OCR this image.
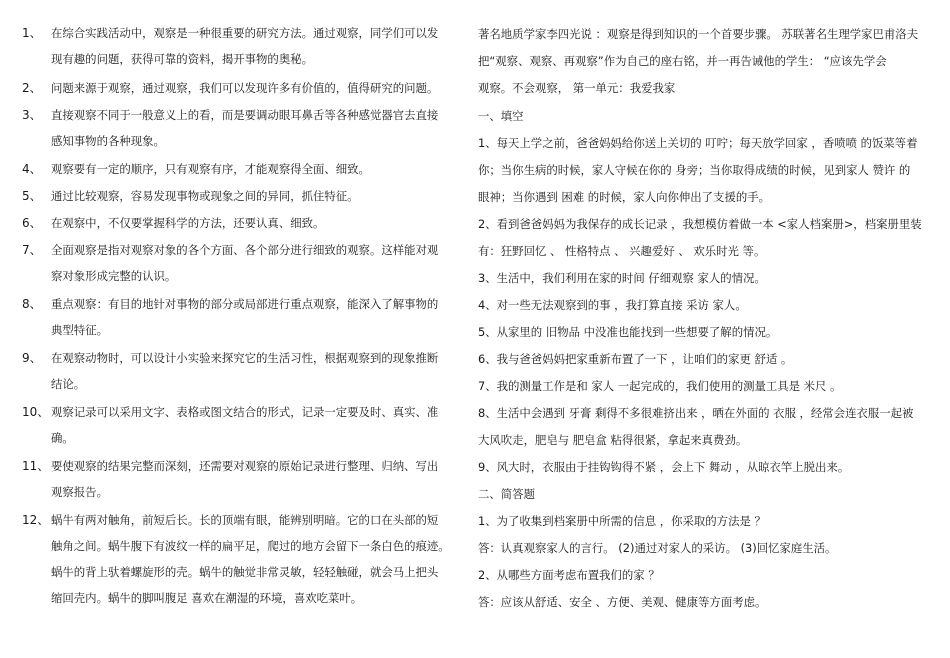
1、 在综合实践活动中，观察是一种很重要的研究方法。通过观察，同学们可以发
现有趣的问题，获得可靠的资料，揭开事物的奥秘。
2、 问题来源于观察，通过观察，我们可以发现许多有价值的，值得研究的问题。
3、 直接观察不同于一般意义上的看，而是要调动眼耳鼻舌等各种感觉器官去直接
感知事物的各种现象。
4、 观察要有一定的顺序，只有观察有序，才能观察得全面、细致。
5、 通过比较观察，容易发现事物或现象之间的异同，抓住特征。
6、 在观察中，不仅要掌握科学的方法，还要认真、细致。
7、 全面观察是指对观察对象的各个方面、各个部分进行细致的观察。这样能对观
察对象形成完整的认识。
8、 重点观察：有目的地针对事物的部分或局部进行重点观察，能深入了解事物的
典型特征。
9、 在观察动物时，可以设计小实验来探究它的生活习性，根据观察到的现象推断
结论。
10、 观察记录可以采用文字、表格或图文结合的形式，记录一定要及时、真实、准
确。
11、 要使观察的结果完整而深刻，还需要对观察的原始记录进行整理、归纳、写出
观察报告。
12、 蜗牛有两对触角，前短后长。长的顶端有眼，能辨别明暗。它的口在头部的短
触角之间。蜗牛腹下有波纹一样的扁平足，爬过的地方会留下一条白色的痕迹。
蜗牛的背上驮着螺旋形的壳。蜗牛的触觉非常灵敏，轻轻触碰，就会马上把头
缩回壳内。蜗牛的脚叫腹足 喜欢在潮湿的环境，喜欢吃菜叶。
著名地质学家李四光说 ：观察是得到知识的一个首要步骤。 苏联著名生理学家巴甫洛夫
把“观察、观察、再观察”作为自己的座右铭，并一再告诫他的学生： “应该先学会
观察。不会观察， 第一单元：我爱我家
一、填空
1、每天上学之前，爸爸妈妈给你送上关切的 叮咛；每天放学回家 ，香喷喷 的饭菜等着
你；当你生病的时候，家人守候在你的 身旁；当你取得成绩的时候，见到家人 赞许 的
眼神；当你遇到 困难 的时候，家人向你伸出了支援的手。
2、看到爸爸妈妈为我保存的成长记录 ，我想模仿着做一本 <家人档案册>，档案册里装
有：狂野回忆 、 性格特点 、 兴趣爱好 、 欢乐时光 等。
3、生活中，我们利用在家的时间 仔细观察 家人的情况。
4、对一些无法观察到的事 ，我打算直接 采访 家人。
5、从家里的 旧物品 中没准也能找到一些想要了解的情况。
6、我与爸爸妈妈把家重新布置了一下 ，让咱们的家更 舒适 。
7、我的测量工作是和 家人 一起完成的，我们使用的测量工具是 米尺 。
8、生活中会遇到 牙膏 剩得不多很难挤出来 ，晒在外面的 衣服 ，经常会连衣服一起被
大风吹走，肥皂与 肥皂盒 粘得很紧，拿起来真费劲。
9、风大时，衣服由于挂钩钩得不紧 ，会上下 舞动 ，从晾衣竿上脱出来。
二、简答题
1、为了收集到档案册中所需的信息 ，你采取的方法是 ？
答：认真观察家人的言行。 (2)通过对家人的采访。 (3)回忆家庭生活。
2、从哪些方面考虑布置我们的家 ？
答：应该从舒适、安全 、方便、美观、健康等方面考虑。
